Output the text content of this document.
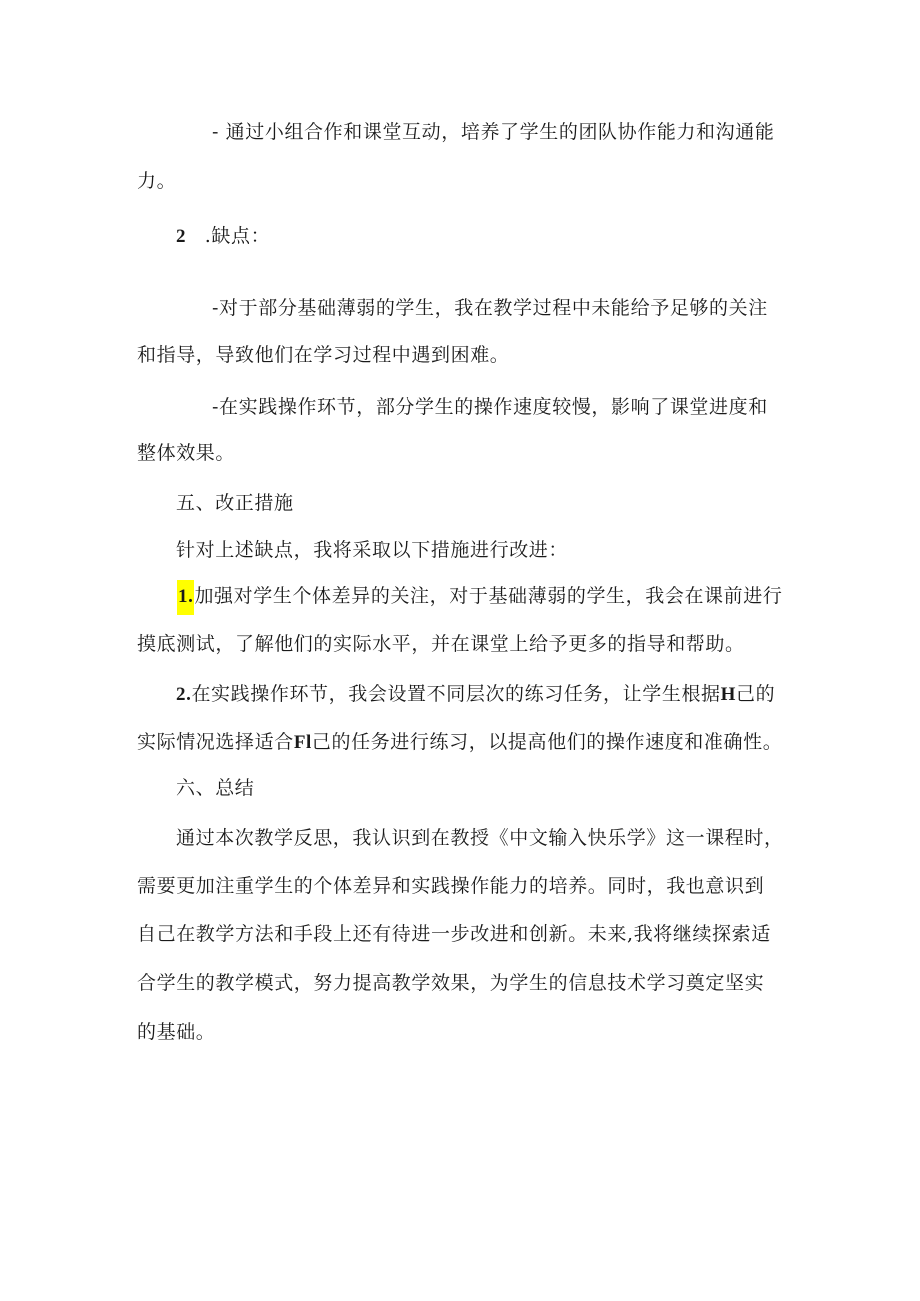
- 通过小组合作和课堂互动，培养了学生的团队协作能力和沟通能
力。
2 .缺点：
-对于部分基础薄弱的学生，我在教学过程中未能给予足够的关注
和指导，导致他们在学习过程中遇到困难。
-在实践操作环节，部分学生的操作速度较慢，影响了课堂进度和
整体效果。
五、改正措施
针对上述缺点，我将采取以下措施进行改进：
1.加强对学生个体差异的关注，对于基础薄弱的学生，我会在课前进行
摸底测试，了解他们的实际水平，并在课堂上给予更多的指导和帮助。
2.在实践操作环节，我会设置不同层次的练习任务，让学生根据H己的
实际情况选择适合Fl己的任务进行练习，以提高他们的操作速度和准确性。
六、总结
通过本次教学反思，我认识到在教授《中文输入快乐学》这一课程时，
需要更加注重学生的个体差异和实践操作能力的培养。同时，我也意识到
自己在教学方法和手段上还有待进一步改进和创新。未来,我将继续探索适
合学生的教学模式，努力提高教学效果，为学生的信息技术学习奠定坚实
的基础。
